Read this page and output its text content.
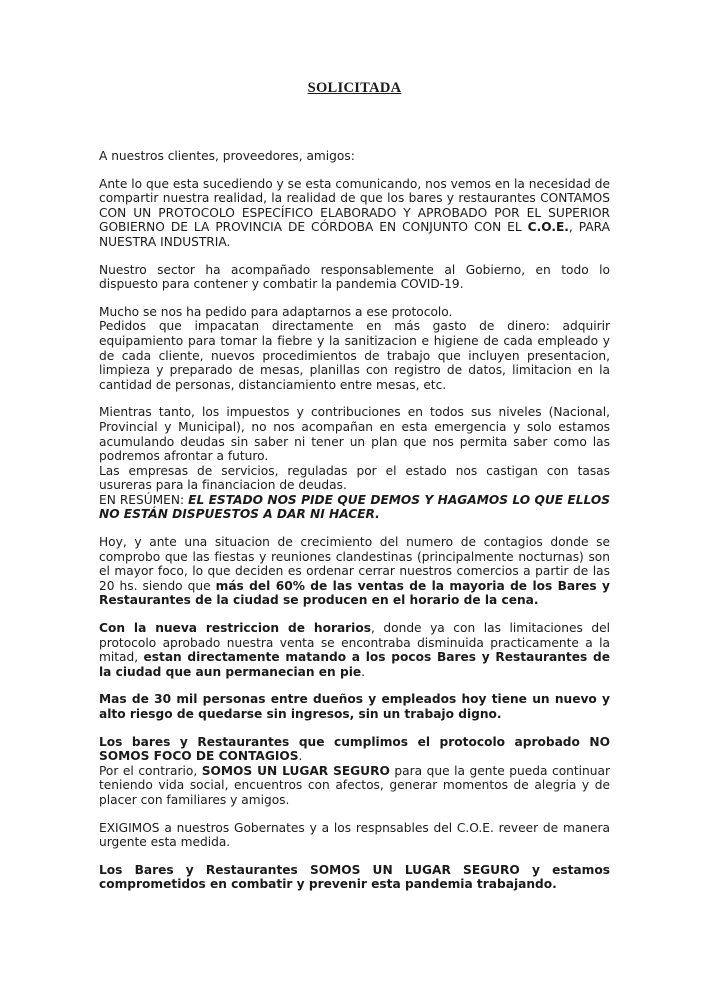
SOLICITADA

A nuestros clientes, proveedores, amigos:

Ante lo que esta sucediendo y se esta comunicando, nos vemos en la necesidad de compartir nuestra realidad, la realidad de que los bares y restaurantes CONTAMOS CON UN PROTOCOLO ESPECÍFICO ELABORADO Y APROBADO POR EL SUPERIOR GOBIERNO DE LA PROVINCIA DE CÓRDOBA EN CONJUNTO CON EL C.O.E., PARA NUESTRA INDUSTRIA.

Nuestro sector ha acompañado responsablemente al Gobierno, en todo lo dispuesto para contener y combatir la pandemia COVID-19.

Mucho se nos ha pedido para adaptarnos a ese protocolo.

Pedidos que impacatan directamente en más gasto de dinero: adquirir equipamiento para tomar la fiebre y la sanitizacion e higiene de cada empleado y de cada cliente, nuevos procedimientos de trabajo que incluyen presentacion, limpieza y preparado de mesas, planillas con registro de datos, limitacion en la cantidad de personas, distanciamiento entre mesas, etc.

Mientras tanto, los impuestos y contribuciones en todos sus niveles (Nacional, Provincial y Municipal), no nos acompañan en esta emergencia y solo estamos acumulando deudas sin saber ni tener un plan que nos permita saber como las podremos afrontar a futuro.

Las empresas de servicios, reguladas por el estado nos castigan con tasas usureras para la financiacion de deudas.

EN RESÚMEN: EL ESTADO NOS PIDE QUE DEMOS Y HAGAMOS LO QUE ELLOS NO ESTÁN DISPUESTOS A DAR NI HACER.

Hoy, y ante una situacion de crecimiento del numero de contagios donde se comprobo que las fiestas y reuniones clandestinas (principalmente nocturnas) son el mayor foco, lo que deciden es ordenar cerrar nuestros comercios a partir de las 20 hs. siendo que más del 60% de las ventas de la mayoria de los Bares y Restaurantes de la ciudad se producen en el horario de la cena.

Con la nueva restriccion de horarios, donde ya con las limitaciones del protocolo aprobado nuestra venta se encontraba disminuida practicamente a la mitad, estan directamente matando a los pocos Bares y Restaurantes de la ciudad que aun permanecian en pie.

Mas de 30 mil personas entre dueños y empleados hoy tiene un nuevo y alto riesgo de quedarse sin ingresos, sin un trabajo digno.

Los bares y Restaurantes que cumplimos el protocolo aprobado NO SOMOS FOCO DE CONTAGIOS.

Por el contrario, SOMOS UN LUGAR SEGURO para que la gente pueda continuar teniendo vida social, encuentros con afectos, generar momentos de alegria y de placer con familiares y amigos.

EXIGIMOS a nuestros Gobernates y a los respnsables del C.O.E. reveer de manera urgente esta medida.

Los Bares y Restaurantes SOMOS UN LUGAR SEGURO y estamos comprometidos en combatir y prevenir esta pandemia trabajando.
